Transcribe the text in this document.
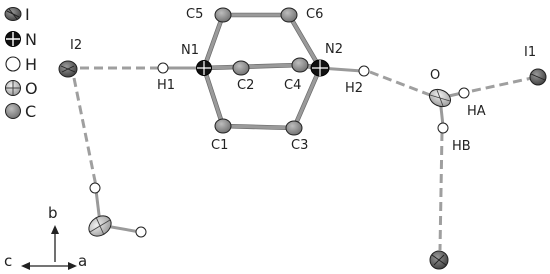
I
N
H
O
C
I2
H1
N1
C5	C6
C2 C4
N2
C1	C3
H2
O
HA
HB
I1
b
c	a
